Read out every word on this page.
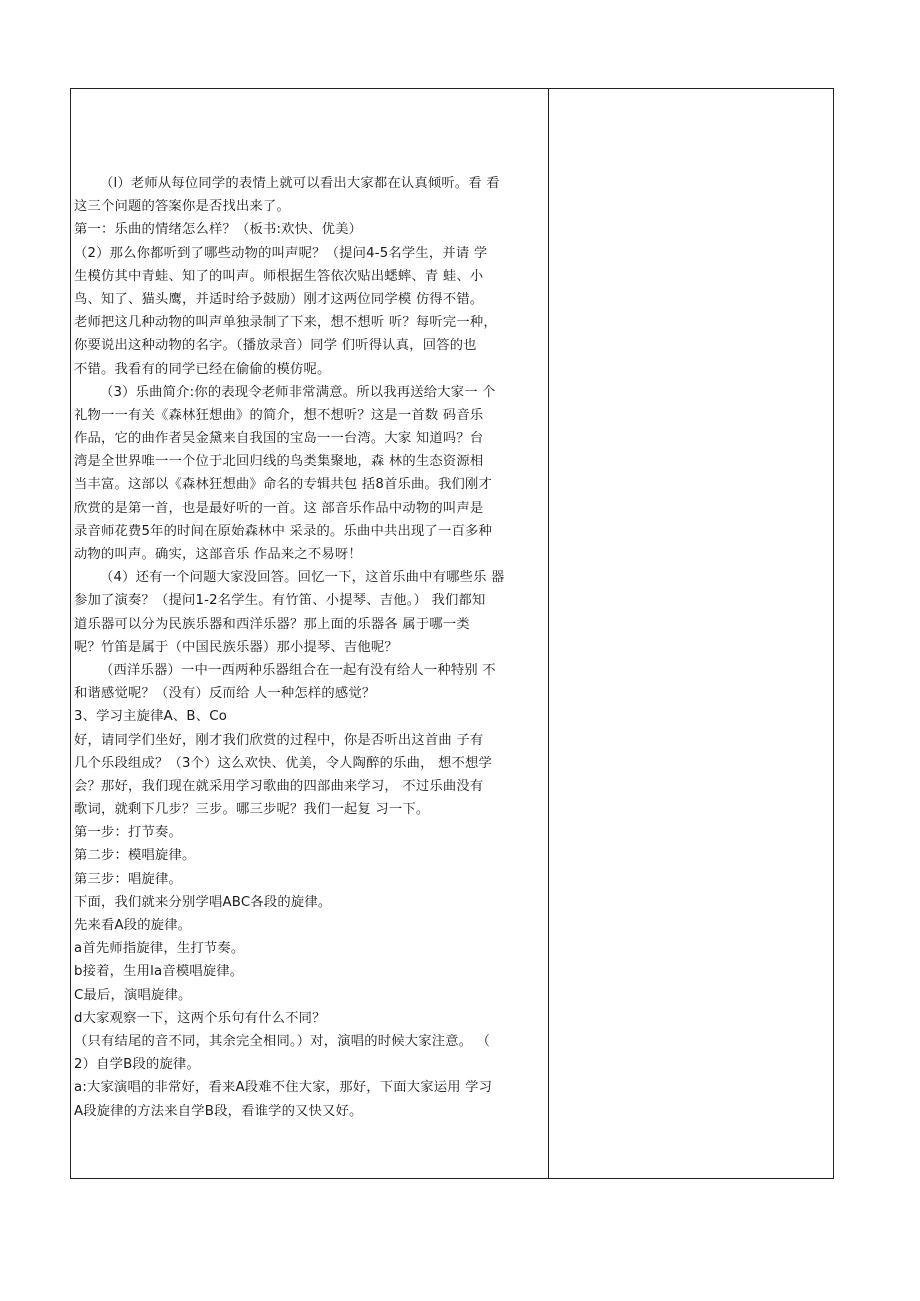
（l）老师从每位同学的表情上就可以看出大家都在认真倾听。看 看
这三个问题的答案你是否找出来了。
第一：乐曲的情绪怎么样？（板书:欢快、优美）
（2）那么你都听到了哪些动物的叫声呢？（提问4-5名学生，并请 学
生模仿其中青蛙、知了的叫声。师根据生答依次贴出蟋蟀、青 蛙、小
鸟、知了、猫头鹰，并适时给予鼓励）刚才这两位同学模 仿得不错。
老师把这几种动物的叫声单独录制了下来，想不想听 听？每听完一种，
你要说出这种动物的名字。（播放录音）同学 们听得认真，回答的也
不错。我看有的同学已经在偷偷的模仿呢。
（3）乐曲简介:你的表现令老师非常满意。所以我再送给大家一 个
礼物一一有关《森林狂想曲》的简介，想不想听？这是一首数 码音乐
作品，它的曲作者吴金黛来自我国的宝岛一一台湾。大家 知道吗？台
湾是全世界唯一一个位于北回归线的鸟类集聚地，森 林的生态资源相
当丰富。这部以《森林狂想曲》命名的专辑共包 括8首乐曲。我们刚才
欣赏的是第一首，也是最好听的一首。这 部音乐作品中动物的叫声是
录音师花费5年的时间在原始森林中 采录的。乐曲中共出现了一百多种
动物的叫声。确实，这部音乐 作品来之不易呀！
（4）还有一个问题大家没回答。回忆一下，这首乐曲中有哪些乐 器
参加了演奏？（提问1-2名学生。有竹笛、小提琴、吉他。） 我们都知
道乐器可以分为民族乐器和西洋乐器？那上面的乐器各 属于哪一类
呢？竹笛是属于（中国民族乐器）那小提琴、吉他呢？
（西洋乐器）一中一西两种乐器组合在一起有没有给人一种特别 不
和谐感觉呢？（没有）反而给 人一种怎样的感觉？
3、学习主旋律A、B、Co
好，请同学们坐好，刚才我们欣赏的过程中，你是否听出这首曲 子有
几个乐段组成？（3个）这么欢快、优美，令人陶醉的乐曲， 想不想学
会？那好，我们现在就采用学习歌曲的四部曲来学习， 不过乐曲没有
歌词，就剩下几步？三步。哪三步呢？我们一起复 习一下。
第一步：打节奏。
第二步：模唱旋律。
第三步：唱旋律。
下面，我们就来分别学唱ABC各段的旋律。
先来看A段的旋律。
a首先师指旋律，生打节奏。
b接着，生用la音模唱旋律。
C最后，演唱旋律。
d大家观察一下，这两个乐句有什么不同？
（只有结尾的音不同，其余完全相同。）对，演唱的时候大家注意。 （
2）自学B段的旋律。
a:大家演唱的非常好，看来A段难不住大家，那好，下面大家运用 学习
A段旋律的方法来自学B段，看谁学的又快又好。
